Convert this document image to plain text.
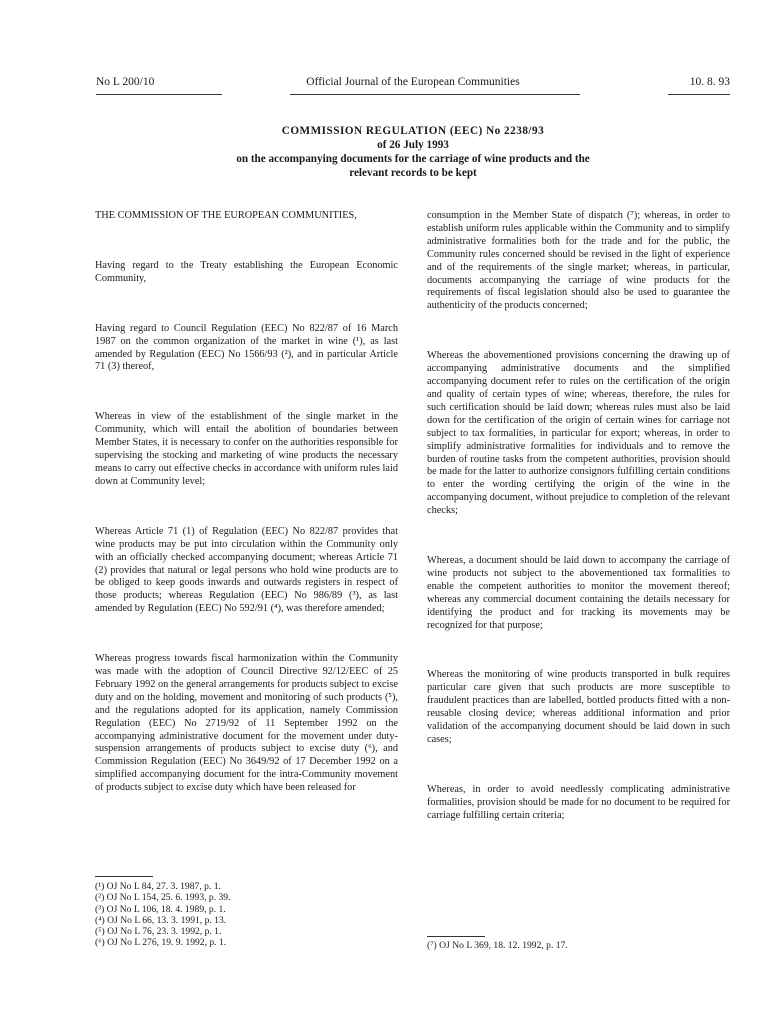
No L 200/10	Official Journal of the European Communities	10. 8. 93
COMMISSION REGULATION (EEC) No 2238/93
of 26 July 1993
on the accompanying documents for the carriage of wine products and the
relevant records to be kept

THE COMMISSION OF THE EUROPEAN COMMUNITIES,

Having regard to the Treaty establishing the European Economic Community,

Having regard to Council Regulation (EEC) No 822/87 of 16 March 1987 on the common organization of the market in wine (¹), as last amended by Regulation (EEC) No 1566/93 (²), and in particular Article 71 (3) thereof,

Whereas in view of the establishment of the single market in the Community, which will entail the abolition of boundaries between Member States, it is necessary to confer on the authorities responsible for supervising the stocking and marketing of wine products the necessary means to carry out effective checks in accordance with uniform rules laid down at Community level;

Whereas Article 71 (1) of Regulation (EEC) No 822/87 provides that wine products may be put into circulation within the Community only with an officially checked accompanying document; whereas Article 71 (2) provides that natural or legal persons who hold wine products are to be obliged to keep goods inwards and outwards registers in respect of those products; whereas Regulation (EEC) No 986/89 (³), as last amended by Regulation (EEC) No 592/91 (⁴), was therefore amended;

Whereas progress towards fiscal harmonization within the Community was made with the adoption of Council Directive 92/12/EEC of 25 February 1992 on the general arrangements for products subject to excise duty and on the holding, movement and monitoring of such products (⁵), and the regulations adopted for its application, namely Commission Regulation (EEC) No 2719/92 of 11 September 1992 on the accompanying administrative document for the movement under duty-suspension arrangements of products subject to excise duty (⁶), and Commission Regulation (EEC) No 3649/92 of 17 December 1992 on a simplified accompanying document for the intra-Community movement of products subject to excise duty which have been released for

(¹) OJ No L 84, 27. 3. 1987, p. 1.

(²) OJ No L 154, 25. 6. 1993, p. 39.

(³) OJ No L 106, 18. 4. 1989, p. 1.

(⁴) OJ No L 66, 13. 3. 1991, p. 13.

(⁵) OJ No L 76, 23. 3. 1992, p. 1.

(⁶) OJ No L 276, 19. 9. 1992, p. 1.

consumption in the Member State of dispatch (⁷); whereas, in order to establish uniform rules applicable within the Community and to simplify administrative formalities both for the trade and for the public, the Community rules concerned should be revised in the light of experience and of the requirements of the single market; whereas, in particular, documents accompanying the carriage of wine products for the requirements of fiscal legislation should also be used to guarantee the authenticity of the products concerned;

Whereas the abovementioned provisions concerning the drawing up of accompanying administrative documents and the simplified accompanying document refer to rules on the certification of the origin and quality of certain types of wine; whereas, therefore, the rules for such certification should be laid down; whereas rules must also be laid down for the certification of the origin of certain wines for carriage not subject to tax formalities, in particular for export; whereas, in order to simplify administrative formalities for individuals and to remove the burden of routine tasks from the competent authorities, provision should be made for the latter to authorize consignors fulfilling certain conditions to enter the wording certifying the origin of the wine in the accompanying document, without prejudice to completion of the relevant checks;

Whereas, a document should be laid down to accompany the carriage of wine products not subject to the abovementioned tax formalities to enable the competent authorities to monitor the movement thereof; whereas any commercial document containing the details necessary for identifying the product and for tracking its movements may be recognized for that purpose;

Whereas the monitoring of wine products transported in bulk requires particular care given that such products are more susceptible to fraudulent practices than are labelled, bottled products fitted with a non-reusable closing device; whereas additional information and prior validation of the accompanying document should be laid down in such cases;

Whereas, in order to avoid needlessly complicating administrative formalities, provision should be made for no document to be required for carriage fulfilling certain criteria;

(⁷) OJ No L 369, 18. 12. 1992, p. 17.
